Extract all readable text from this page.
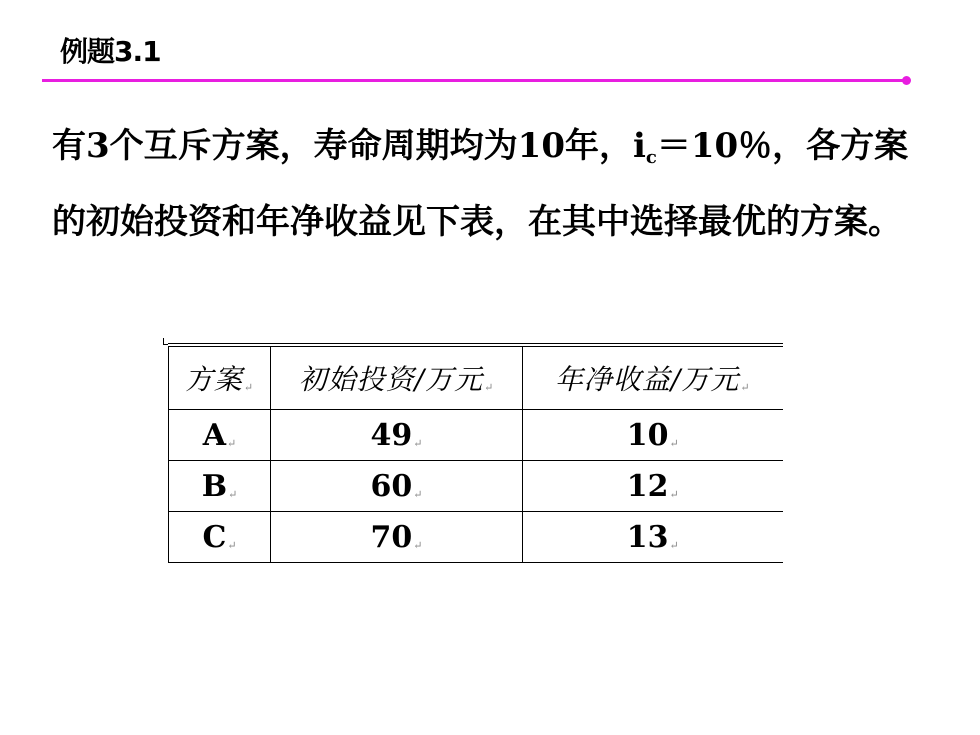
例题3.1
有3个互斥方案，寿命周期均为10年，$i_c=10$％，各方案的初始投资和年净收益见下表，在其中选择最优的方案。
方案↵	初始投资/万元↵	年净收益/万元↵
A↵	49↵	10↵
B↵	60↵	12↵
C↵	70↵	13↵
